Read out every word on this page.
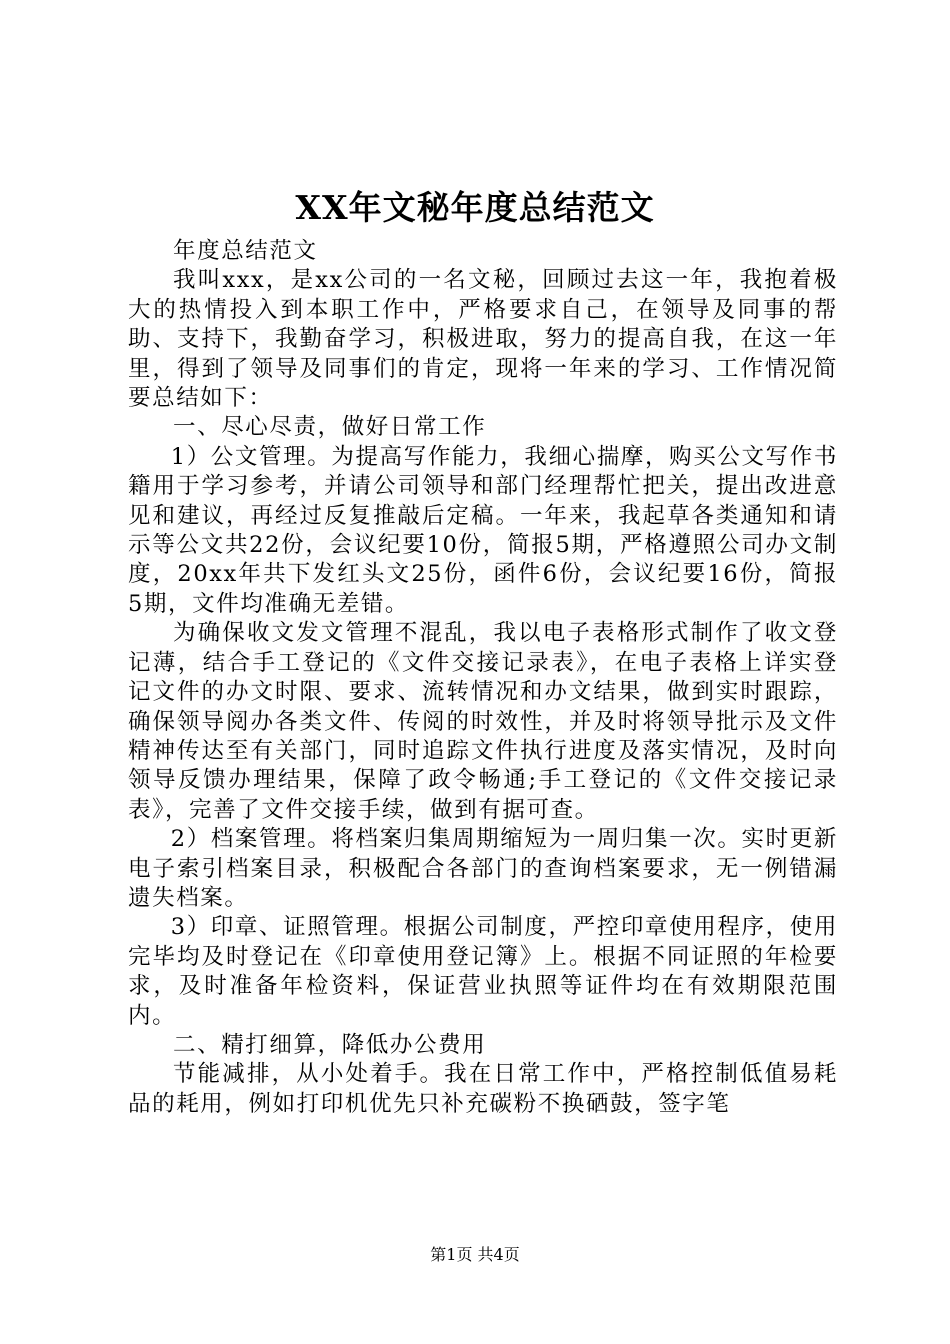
XX年文秘年度总结范文

年度总结范文

我叫xxx，是xx公司的一名文秘，回顾过去这一年，我抱着极大的热情投入到本职工作中，严格要求自己，在领导及同事的帮助、支持下，我勤奋学习，积极进取，努力的提高自我，在这一年里，得到了领导及同事们的肯定，现将一年来的学习、工作情况简要总结如下：

一、尽心尽责，做好日常工作

1）公文管理。为提高写作能力，我细心揣摩，购买公文写作书籍用于学习参考，并请公司领导和部门经理帮忙把关，提出改进意见和建议，再经过反复推敲后定稿。一年来，我起草各类通知和请示等公文共22份，会议纪要10份，简报5期，严格遵照公司办文制度，20xx年共下发红头文25份，函件6份，会议纪要16份，简报5期，文件均准确无差错。

为确保收文发文管理不混乱，我以电子表格形式制作了收文登记薄，结合手工登记的《文件交接记录表》，在电子表格上详实登记文件的办文时限、要求、流转情况和办文结果，做到实时跟踪，确保领导阅办各类文件、传阅的时效性，并及时将领导批示及文件精神传达至有关部门，同时追踪文件执行进度及落实情况，及时向领导反馈办理结果，保障了政令畅通;手工登记的《文件交接记录表》，完善了文件交接手续，做到有据可查。

2）档案管理。将档案归集周期缩短为一周归集一次。实时更新电子索引档案目录，积极配合各部门的查询档案要求，无一例错漏遗失档案。

3）印章、证照管理。根据公司制度，严控印章使用程序，使用完毕均及时登记在《印章使用登记簿》上。根据不同证照的年检要求，及时准备年检资料，保证营业执照等证件均在有效期限范围内。

二、精打细算，降低办公费用

节能减排，从小处着手。我在日常工作中，严格控制低值易耗品的耗用，例如打印机优先只补充碳粉不换硒鼓，签字笔

第1页 共4页
